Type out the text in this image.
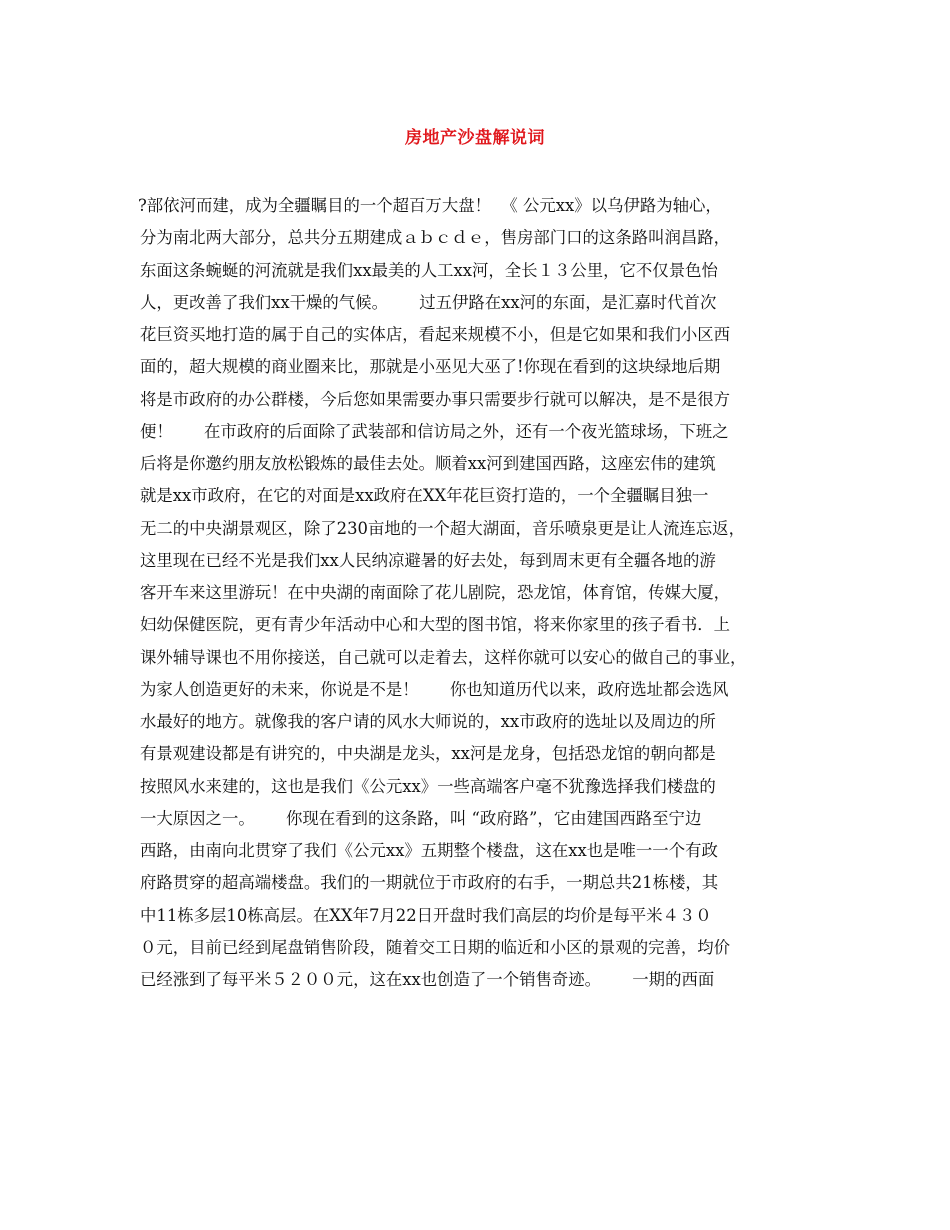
房地产沙盘解说词
?部依河而建，成为全疆瞩目的一个超百万大盘！  《 公元xx》以乌伊路为轴心，
分为南北两大部分，总共分五期建成ａｂｃｄｅ，售房部门口的这条路叫润昌路，
东面这条蜿蜒的河流就是我们xx最美的人工xx河，全长１３公里，它不仅景色怡
人，更改善了我们xx干燥的气候。      过五伊路在xx河的东面，是汇嘉时代首次
花巨资买地打造的属于自己的实体店，看起来规模不小，但是它如果和我们小区西
面的，超大规模的商业圈来比，那就是小巫见大巫了!你现在看到的这块绿地后期
将是市政府的办公群楼，今后您如果需要办事只需要步行就可以解决，是不是很方
便！      在市政府的后面除了武装部和信访局之外，还有一个夜光篮球场，下班之
后将是你邀约朋友放松锻炼的最佳去处。顺着xx河到建国西路，这座宏伟的建筑
就是xx市政府，在它的对面是xx政府在XX年花巨资打造的，一个全疆瞩目独一
无二的中央湖景观区，除了230亩地的一个超大湖面，音乐喷泉更是让人流连忘返，
这里现在已经不光是我们xx人民纳凉避暑的好去处，每到周末更有全疆各地的游
客开车来这里游玩！在中央湖的南面除了花儿剧院，恐龙馆，体育馆，传媒大厦，
妇幼保健医院，更有青少年活动中心和大型的图书馆，将来你家里的孩子看书．上
课外辅导课也不用你接送，自己就可以走着去，这样你就可以安心的做自己的事业，
为家人创造更好的未来，你说是不是！      你也知道历代以来，政府选址都会选风
水最好的地方。就像我的客户请的风水大师说的，xx市政府的选址以及周边的所
有景观建设都是有讲究的，中央湖是龙头，xx河是龙身，包括恐龙馆的朝向都是
按照风水来建的，这也是我们《公元xx》一些高端客户毫不犹豫选择我们楼盘的
一大原因之一。      你现在看到的这条路，叫 “政府路”，它由建国西路至宁边
西路，由南向北贯穿了我们《公元xx》五期整个楼盘，这在xx也是唯一一个有政
府路贯穿的超高端楼盘。我们的一期就位于市政府的右手，一期总共21栋楼，其
中11栋多层10栋高层。在XX年7月22日开盘时我们高层的均价是每平米４３０
０元，目前已经到尾盘销售阶段，随着交工日期的临近和小区的景观的完善，均价
已经涨到了每平米５２００元，这在xx也创造了一个销售奇迹。      一期的西面
